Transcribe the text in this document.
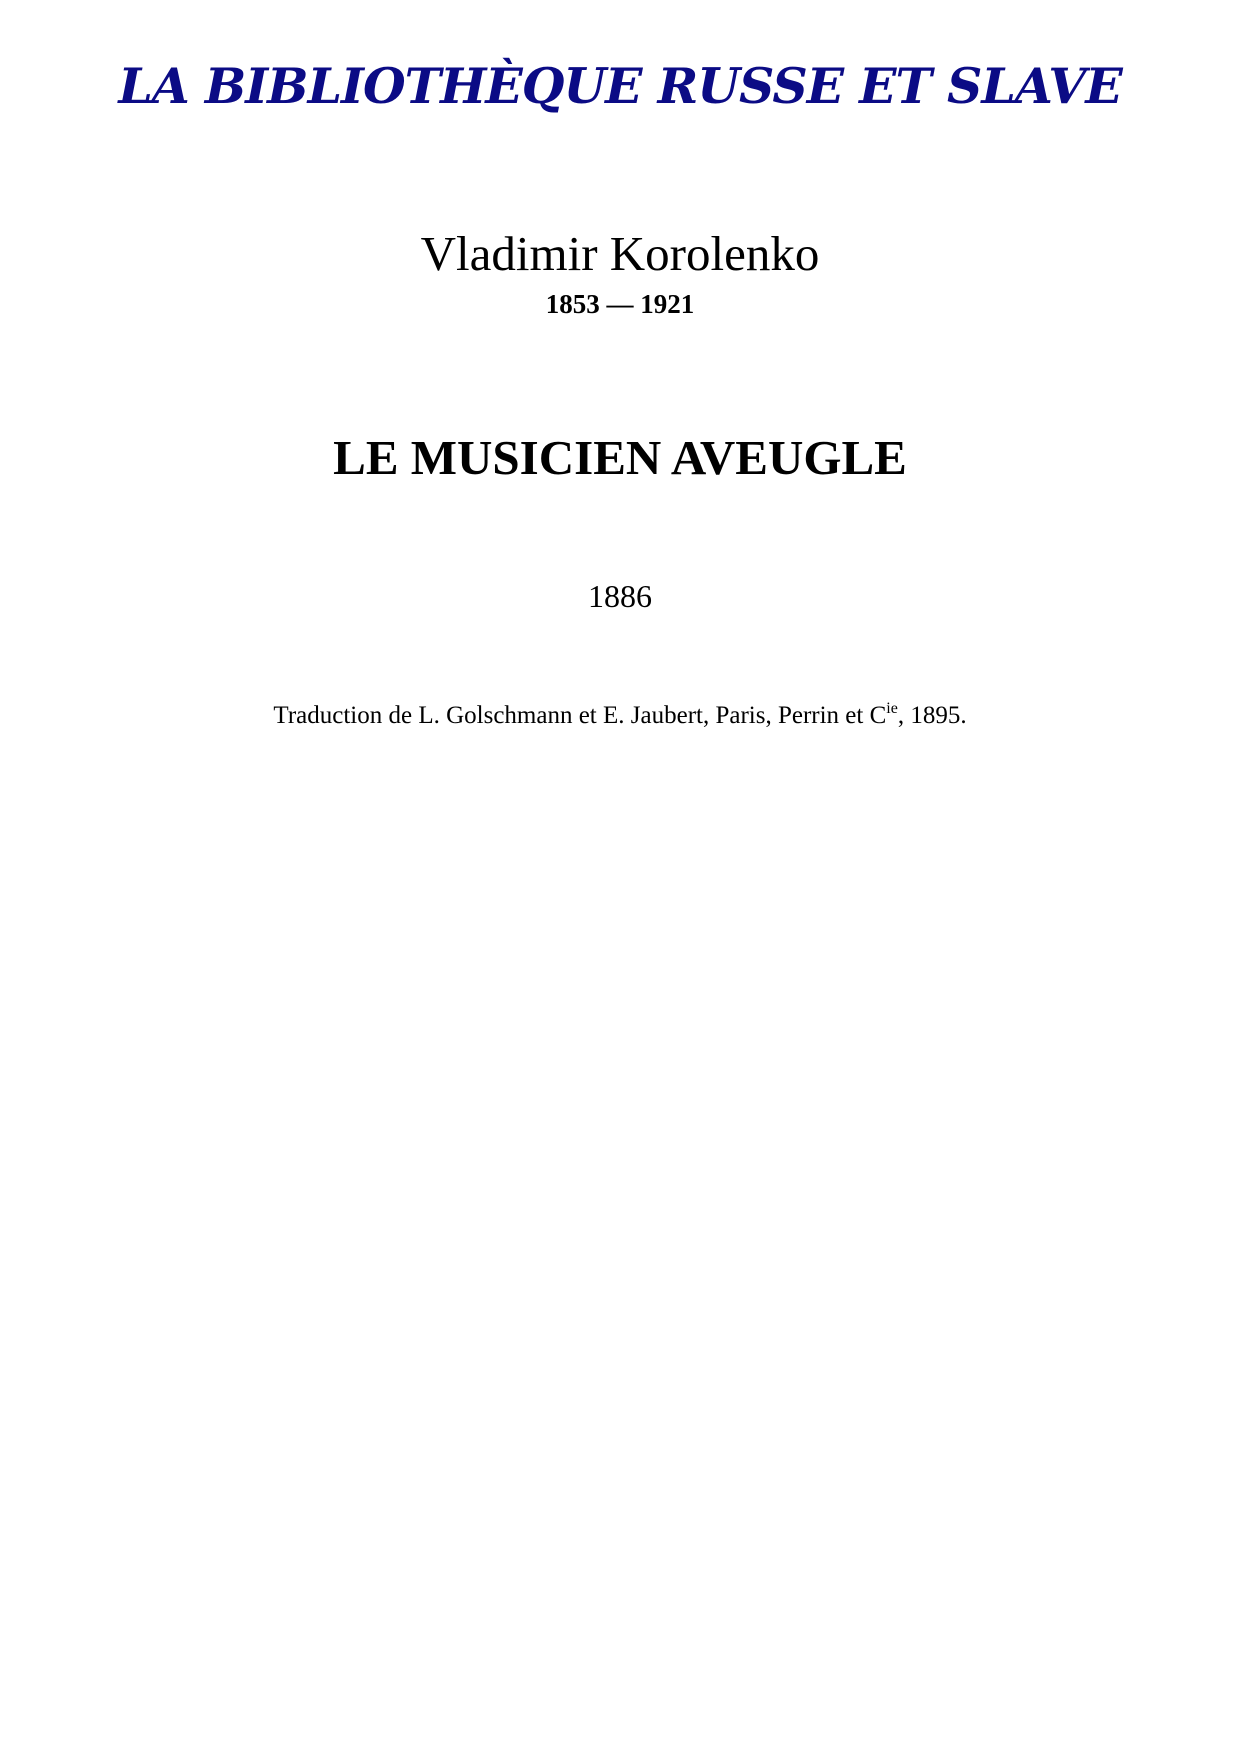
LA BIBLIOTHÈQUE RUSSE ET SLAVE
Vladimir Korolenko
1853 — 1921
LE MUSICIEN AVEUGLE
1886
Traduction de L. Golschmann et E. Jaubert, Paris, Perrin et $C^{ie}$, 1895.
